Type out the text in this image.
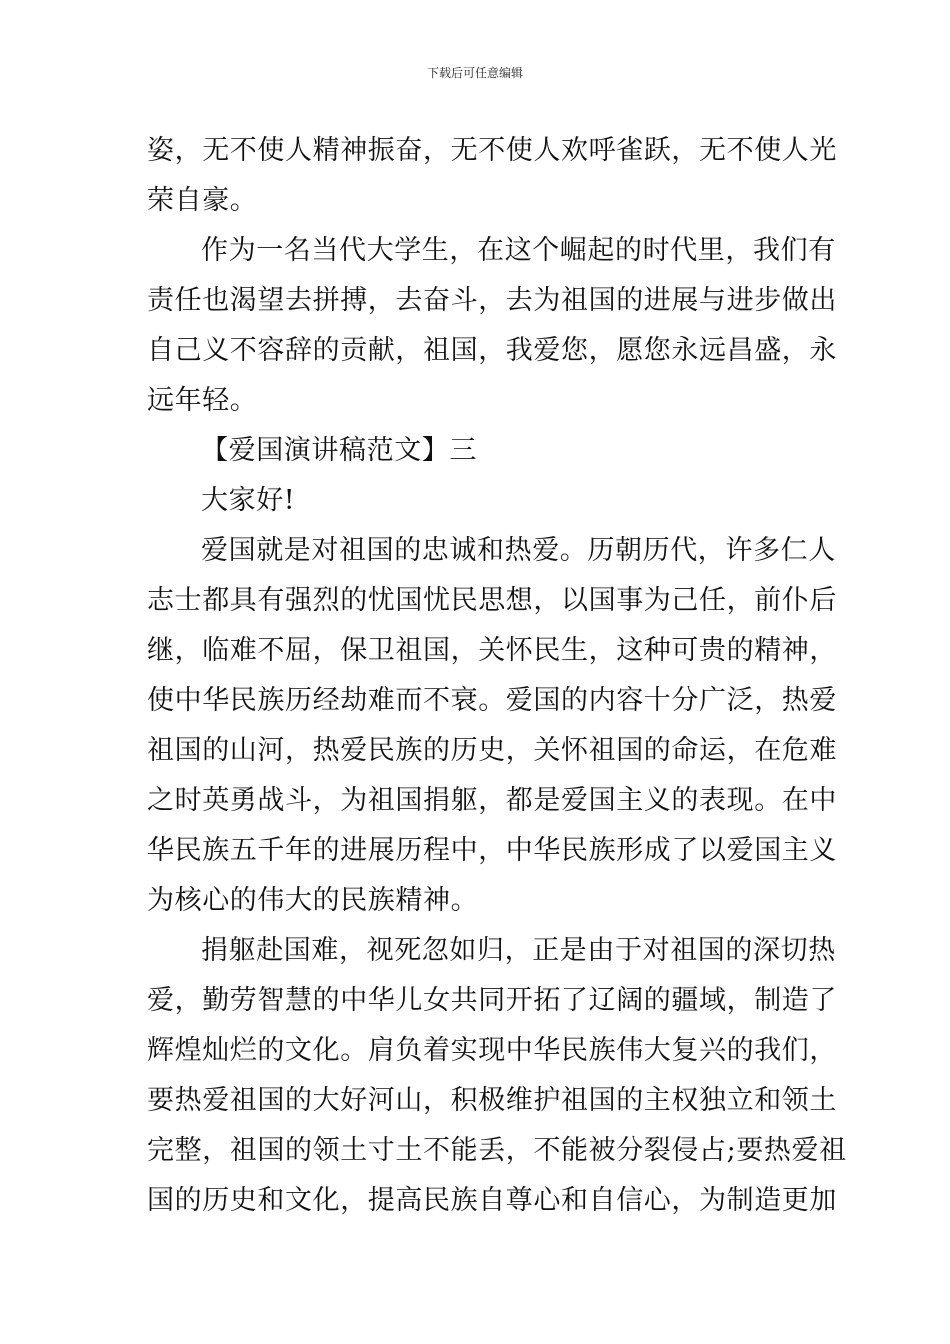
下载后可任意编辑
姿，无不使人精神振奋，无不使人欢呼雀跃，无不使人光
荣自豪。
作为一名当代大学生，在这个崛起的时代里，我们有
责任也渴望去拼搏，去奋斗，去为祖国的进展与进步做出
自己义不容辞的贡献，祖国，我爱您，愿您永远昌盛，永
远年轻。
【爱国演讲稿范文】三
大家好!
爱国就是对祖国的忠诚和热爱。历朝历代，许多仁人
志士都具有强烈的忧国忧民思想，以国事为己任，前仆后
继，临难不屈，保卫祖国，关怀民生，这种可贵的精神，
使中华民族历经劫难而不衰。爱国的内容十分广泛，热爱
祖国的山河，热爱民族的历史，关怀祖国的命运，在危难
之时英勇战斗，为祖国捐躯，都是爱国主义的表现。在中
华民族五千年的进展历程中，中华民族形成了以爱国主义
为核心的伟大的民族精神。
捐躯赴国难，视死忽如归，正是由于对祖国的深切热
爱，勤劳智慧的中华儿女共同开拓了辽阔的疆域，制造了
辉煌灿烂的文化。肩负着实现中华民族伟大复兴的我们，
要热爱祖国的大好河山，积极维护祖国的主权独立和领土
完整，祖国的领土寸土不能丢，不能被分裂侵占;要热爱祖
国的历史和文化，提高民族自尊心和自信心，为制造更加
